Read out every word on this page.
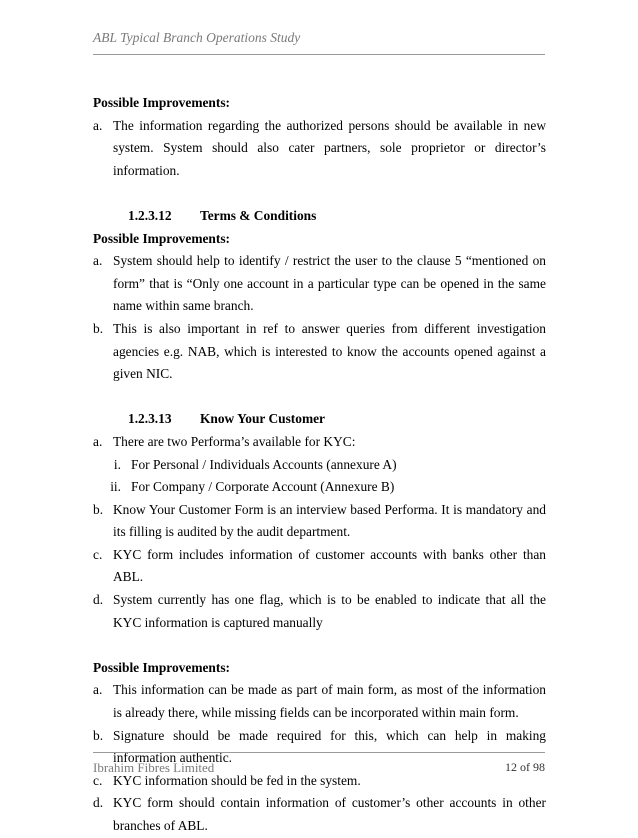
ABL Typical Branch Operations Study
Possible Improvements:
a. The information regarding the authorized persons should be available in new system. System should also cater partners, sole proprietor or director’s information.
1.2.3.12 Terms & Conditions
Possible Improvements:
a. System should help to identify / restrict the user to the clause 5 “mentioned on form” that is “Only one account in a particular type can be opened in the same name within same branch.
b. This is also important in ref to answer queries from different investigation agencies e.g. NAB, which is interested to know the accounts opened against a given NIC.
1.2.3.13 Know Your Customer
a. There are two Performa’s available for KYC:
i. For Personal / Individuals Accounts (annexure A)
ii. For Company / Corporate Account (Annexure B)
b. Know Your Customer Form is an interview based Performa. It is mandatory and its filling is audited by the audit department.
c. KYC form includes information of customer accounts with banks other than ABL.
d. System currently has one flag, which is to be enabled to indicate that all the KYC information is captured manually
Possible Improvements:
a. This information can be made as part of main form, as most of the information is already there, while missing fields can be incorporated within main form.
b. Signature should be made required for this, which can help in making information authentic.
c. KYC information should be fed in the system.
d. KYC form should contain information of customer’s other accounts in other branches of ABL.
Ibrahim Fibres Limited	12 of 98
